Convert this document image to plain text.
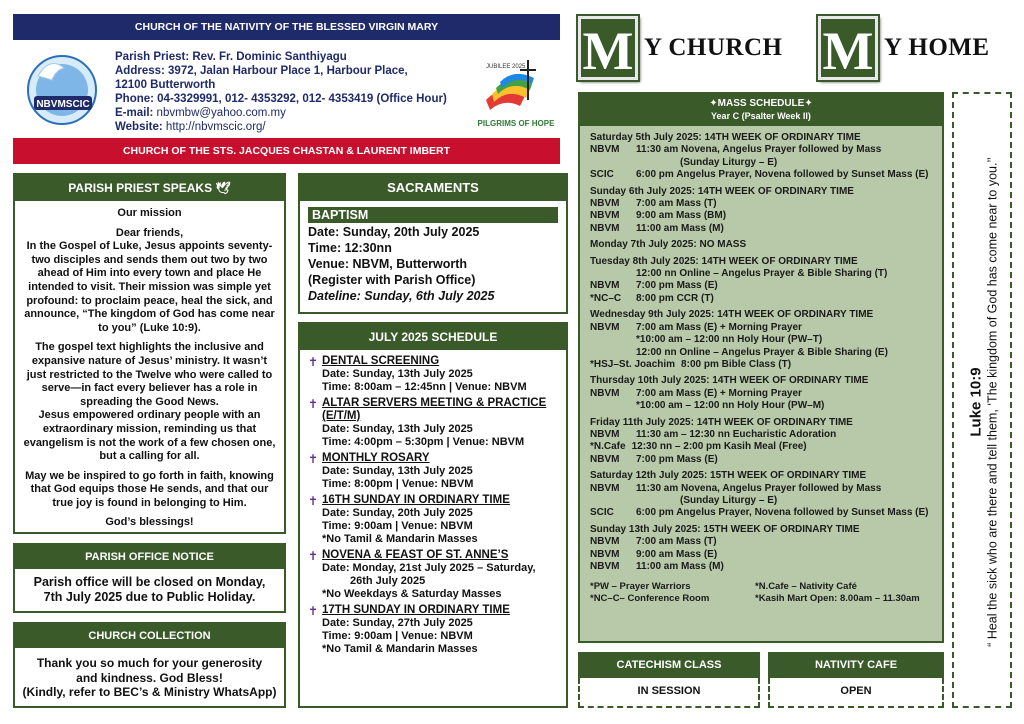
CHURCH OF THE NATIVITY OF THE BLESSED VIRGIN MARY
NBVMSCIC
Parish Priest: Rev. Fr. Dominic Santhiyagu
Address: 3972, Jalan Harbour Place 1, Harbour Place,
12100 Butterworth
Phone: 04-3329991, 012- 4353292, 012- 4353419 (Office Hour)
E-mail: nbvmbw@yahoo.com.my
Website: http://nbvmscic.org/	PILGRIMS OF HOPE
JUBILEE 2025
CHURCH OF THE STS. JACQUES CHASTAN & LAURENT IMBERT
M Y CHURCH M Y HOME
PARISH PRIEST SPEAKS 🕊
Our mission
Dear friends,
In the Gospel of Luke, Jesus appoints seventy-two disciples and sends them out two by two ahead of Him into every town and place He intended to visit. Their mission was simple yet profound: to proclaim peace, heal the sick, and announce, “The kingdom of God has come near to you” (Luke 10:9).
The gospel text highlights the inclusive and expansive nature of Jesus’ ministry. It wasn’t just restricted to the Twelve who were called to serve—in fact every believer has a role in spreading the Good News.
Jesus empowered ordinary people with an extraordinary mission, reminding us that evangelism is not the work of a few chosen one, but a calling for all.
May we be inspired to go forth in faith, knowing that God equips those He sends, and that our true joy is found in belonging to Him.
God’s blessings!
PARISH OFFICE NOTICE
Parish office will be closed on Monday, 7th July 2025 due to Public Holiday.
CHURCH COLLECTION
Thank you so much for your generosity
and kindness. God Bless!
(Kindly, refer to BEC’s & Ministry WhatsApp)
SACRAMENTS
BAPTISM
Date: Sunday, 20th July 2025
Time: 12:30nn
Venue: NBVM, Butterworth
(Register with Parish Office)
Dateline: Sunday, 6th July 2025
JULY 2025 SCHEDULE
✝ DENTAL SCREENING
Date: Sunday, 13th July 2025
Time: 8:00am – 12:45nn | Venue: NBVM
✝ ALTAR SERVERS MEETING & PRACTICE (E/T/M)
Date: Sunday, 13th July 2025
Time: 4:00pm – 5:30pm | Venue: NBVM
✝ MONTHLY ROSARY
Date: Sunday, 13th July 2025
Time: 8:00pm | Venue: NBVM
✝ 16TH SUNDAY IN ORDINARY TIME
Date: Sunday, 20th July 2025
Time: 9:00am | Venue: NBVM
*No Tamil & Mandarin Masses
✝ NOVENA & FEAST OF ST. ANNE’S
Date: Monday, 21st July 2025 – Saturday,
26th July 2025
*No Weekdays & Saturday Masses
✝ 17TH SUNDAY IN ORDINARY TIME
Date: Sunday, 27th July 2025
Time: 9:00am | Venue: NBVM
*No Tamil & Mandarin Masses
✦MASS SCHEDULE✦
Year C (Psalter Week II)
Saturday 5th July 2025: 14TH WEEK OF ORDINARY TIME
NBVM	11:30 am Novena, Angelus Prayer followed by Mass
(Sunday Liturgy – E)
SCIC	6:00 pm Angelus Prayer, Novena followed by Sunset Mass (E)
Sunday 6th July 2025: 14TH WEEK OF ORDINARY TIME
NBVM	7:00 am Mass (T)
NBVM	9:00 am Mass (BM)
NBVM	11:00 am Mass (M)
Monday 7th July 2025: NO MASS
Tuesday 8th July 2025: 14TH WEEK OF ORDINARY TIME
12:00 nn Online – Angelus Prayer & Bible Sharing (T)
NBVM	7:00 pm Mass (E)
*NC–C	8:00 pm CCR (T)
Wednesday 9th July 2025: 14TH WEEK OF ORDINARY TIME
NBVM	7:00 am Mass (E) + Morning Prayer
*10:00 am – 12:00 nn Holy Hour (PW–T)
12:00 nn Online – Angelus Prayer & Bible Sharing (E)
*HSJ–St. Joachim 8:00 pm Bible Class (T)
Thursday 10th July 2025: 14TH WEEK OF ORDINARY TIME
NBVM	7:00 am Mass (E) + Morning Prayer
*10:00 am – 12:00 nn Holy Hour (PW–M)
Friday 11th July 2025: 14TH WEEK OF ORDINARY TIME
NBVM	11:30 am – 12:30 nn Eucharistic Adoration
*N.Cafe 12:30 nn – 2:00 pm Kasih Meal (Free)
NBVM	7:00 pm Mass (E)
Saturday 12th July 2025: 15TH WEEK OF ORDINARY TIME
NBVM	11:30 am Novena, Angelus Prayer followed by Mass
(Sunday Liturgy – E)
SCIC	6:00 pm Angelus Prayer, Novena followed by Sunset Mass (E)
Sunday 13th July 2025: 15TH WEEK OF ORDINARY TIME
NBVM	7:00 am Mass (T)
NBVM	9:00 am Mass (E)
NBVM	11:00 am Mass (M)
*PW – Prayer Warriors	*N.Cafe – Nativity Café
*NC–C– Conference Room	*Kasih Mart Open: 8.00am – 11.30am
CATECHISM CLASS
IN SESSION
NATIVITY CAFE
OPEN
Luke 10:9 “ Heal the sick who are there and tell them, ‘The kingdom of God has come near to you.’’
